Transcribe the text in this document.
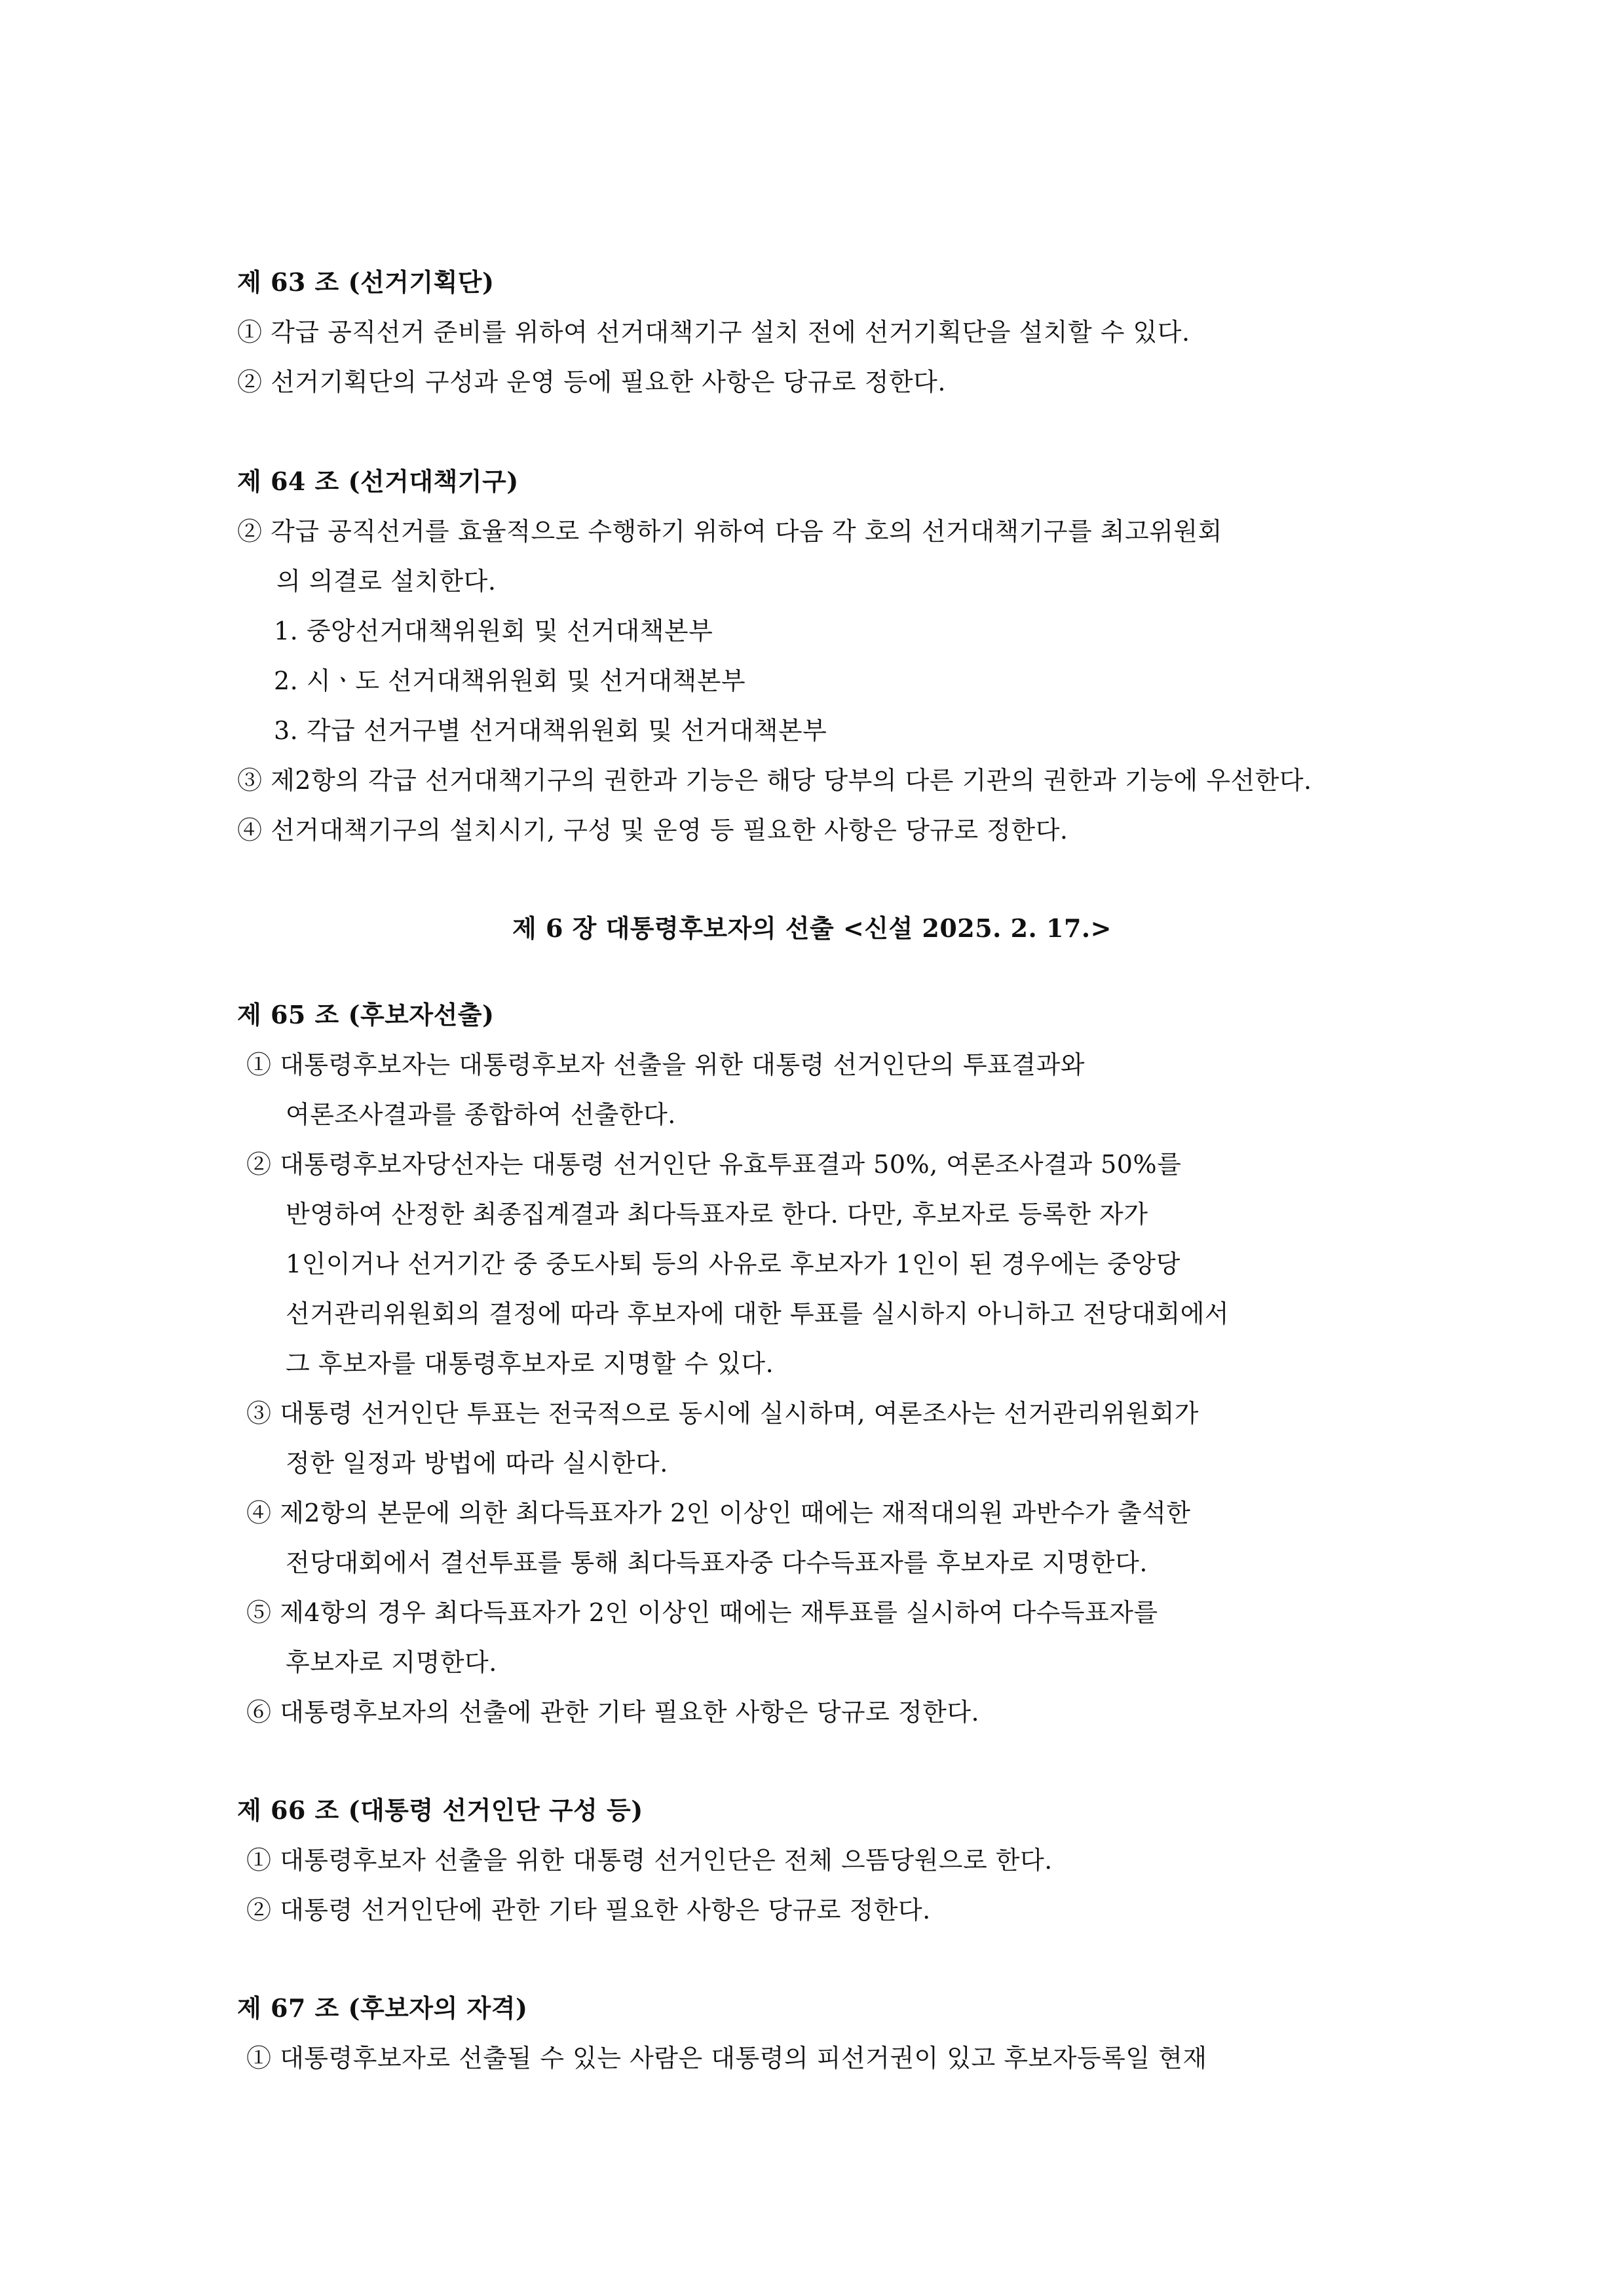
제 63 조 (선거기획단)
① 각급 공직선거 준비를 위하여 선거대책기구 설치 전에 선거기획단을 설치할 수 있다.
② 선거기획단의 구성과 운영 등에 필요한 사항은 당규로 정한다.
제 64 조 (선거대책기구)
② 각급 공직선거를 효율적으로 수행하기 위하여 다음 각 호의 선거대책기구를 최고위원회
의 의결로 설치한다.
1. 중앙선거대책위원회 및 선거대책본부
2. 시ㆍ도 선거대책위원회 및 선거대책본부
3. 각급 선거구별 선거대책위원회 및 선거대책본부
③ 제2항의 각급 선거대책기구의 권한과 기능은 해당 당부의 다른 기관의 권한과 기능에 우선한다.
④ 선거대책기구의 설치시기, 구성 및 운영 등 필요한 사항은 당규로 정한다.
제 6 장 대통령후보자의 선출 <신설 2025. 2. 17.>
제 65 조 (후보자선출)
① 대통령후보자는 대통령후보자 선출을 위한 대통령 선거인단의 투표결과와
여론조사결과를 종합하여 선출한다.
② 대통령후보자당선자는 대통령 선거인단 유효투표결과 50%, 여론조사결과 50%를
반영하여 산정한 최종집계결과 최다득표자로 한다. 다만, 후보자로 등록한 자가
1인이거나 선거기간 중 중도사퇴 등의 사유로 후보자가 1인이 된 경우에는 중앙당
선거관리위원회의 결정에 따라 후보자에 대한 투표를 실시하지 아니하고 전당대회에서
그 후보자를 대통령후보자로 지명할 수 있다.
③ 대통령 선거인단 투표는 전국적으로 동시에 실시하며, 여론조사는 선거관리위원회가
정한 일정과 방법에 따라 실시한다.
④ 제2항의 본문에 의한 최다득표자가 2인 이상인 때에는 재적대의원 과반수가 출석한
전당대회에서 결선투표를 통해 최다득표자중 다수득표자를 후보자로 지명한다.
⑤ 제4항의 경우 최다득표자가 2인 이상인 때에는 재투표를 실시하여 다수득표자를
후보자로 지명한다.
⑥ 대통령후보자의 선출에 관한 기타 필요한 사항은 당규로 정한다.
제 66 조 (대통령 선거인단 구성 등)
① 대통령후보자 선출을 위한 대통령 선거인단은 전체 으뜸당원으로 한다.
② 대통령 선거인단에 관한 기타 필요한 사항은 당규로 정한다.
제 67 조 (후보자의 자격)
① 대통령후보자로 선출될 수 있는 사람은 대통령의 피선거권이 있고 후보자등록일 현재
